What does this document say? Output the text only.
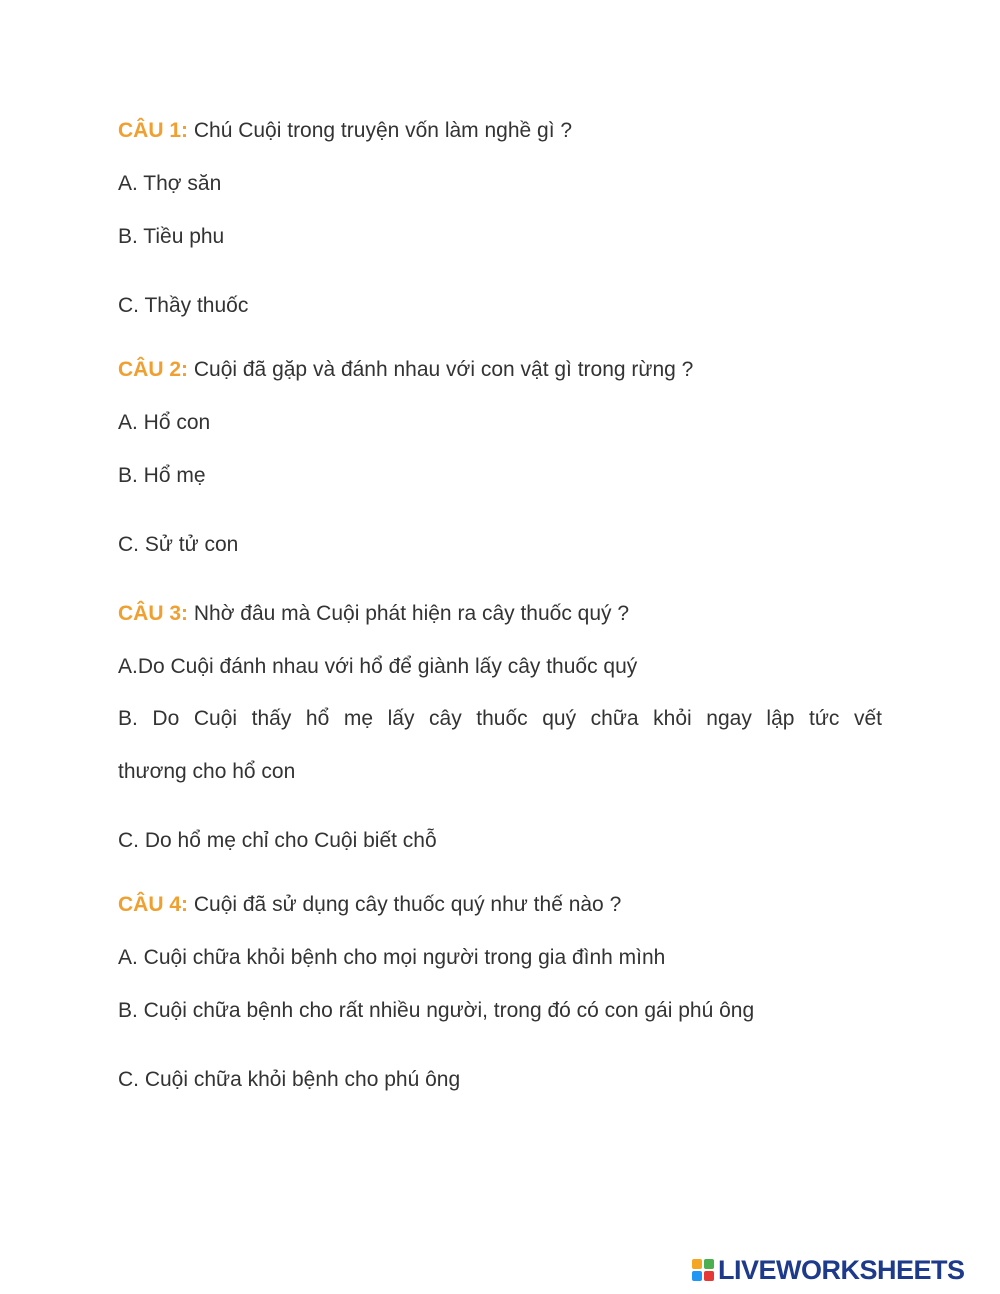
CÂU 1: Chú Cuội trong truyện vốn làm nghề gì ?
A. Thợ săn
B. Tiều phu
C. Thầy thuốc
CÂU 2: Cuội đã gặp và đánh nhau với con vật gì trong rừng ?
A. Hổ con
B. Hổ mẹ
C. Sử tử con
CÂU 3: Nhờ đâu mà Cuội phát hiện ra cây thuốc quý ?
A.Do Cuội đánh nhau với hổ để giành lấy cây thuốc quý
B. Do Cuội thấy hổ mẹ lấy cây thuốc quý chữa khỏi ngay lập tức vết
thương cho hổ con
C. Do hổ mẹ chỉ cho Cuội biết chỗ
CÂU 4: Cuội đã sử dụng cây thuốc quý như thế nào ?
A. Cuội chữa khỏi bệnh cho mọi người trong gia đình mình
B. Cuội chữa bệnh cho rất nhiều người, trong đó có con gái phú ông
C. Cuội chữa khỏi bệnh cho phú ông
LIVEWORKSHEETS
